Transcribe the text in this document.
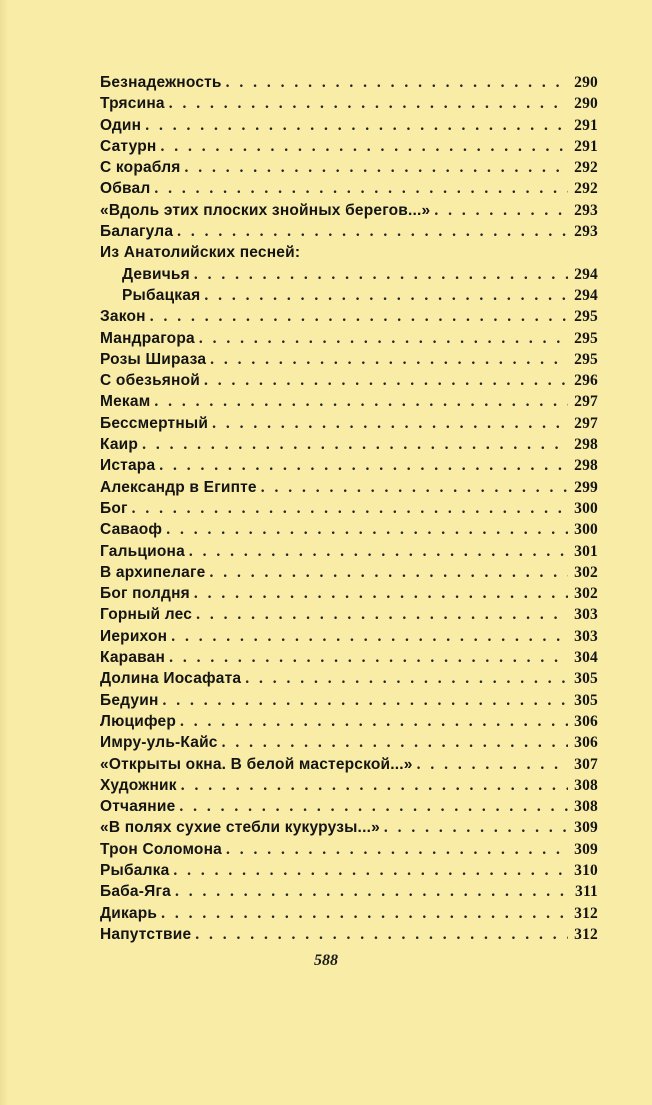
Безнадежность . . .	290
Трясина . . .	290
Один . . .	291
Сатурн . . .	291
С корабля . . .	292
Обвал . . .	292
«Вдоль этих плоских знойных берегов...» . . .	293
Балагула . . .	293
Из Анатолийских песней:
Девичья . . .	294
Рыбацкая . . .	294
Закон . . .	295
Мандрагора . . .	295
Розы Шираза . . .	295
С обезьяной . . .	296
Мекам . . .	297
Бессмертный . . .	297
Каир . . .	298
Истара . . .	298
Александр в Египте . . .	299
Бог . . .	300
Саваоф . . .	300
Гальциона . . .	301
В архипелаге . . .	302
Бог полдня . . .	302
Горный лес . . .	303
Иерихон . . .	303
Караван . . .	304
Долина Иосафата . . .	305
Бедуин . . .	305
Люцифер . . .	306
Имру-уль-Кайс . . .	306
«Открыты окна. В белой мастерской...» . . .	307
Художник . . .	308
Отчаяние . . .	308
«В полях сухие стебли кукурузы...» . . .	309
Трон Соломона . . .	309
Рыбалка . . .	310
Баба-Яга . . .	311
Дикарь . . .	312
Напутствие . . .	312
588
